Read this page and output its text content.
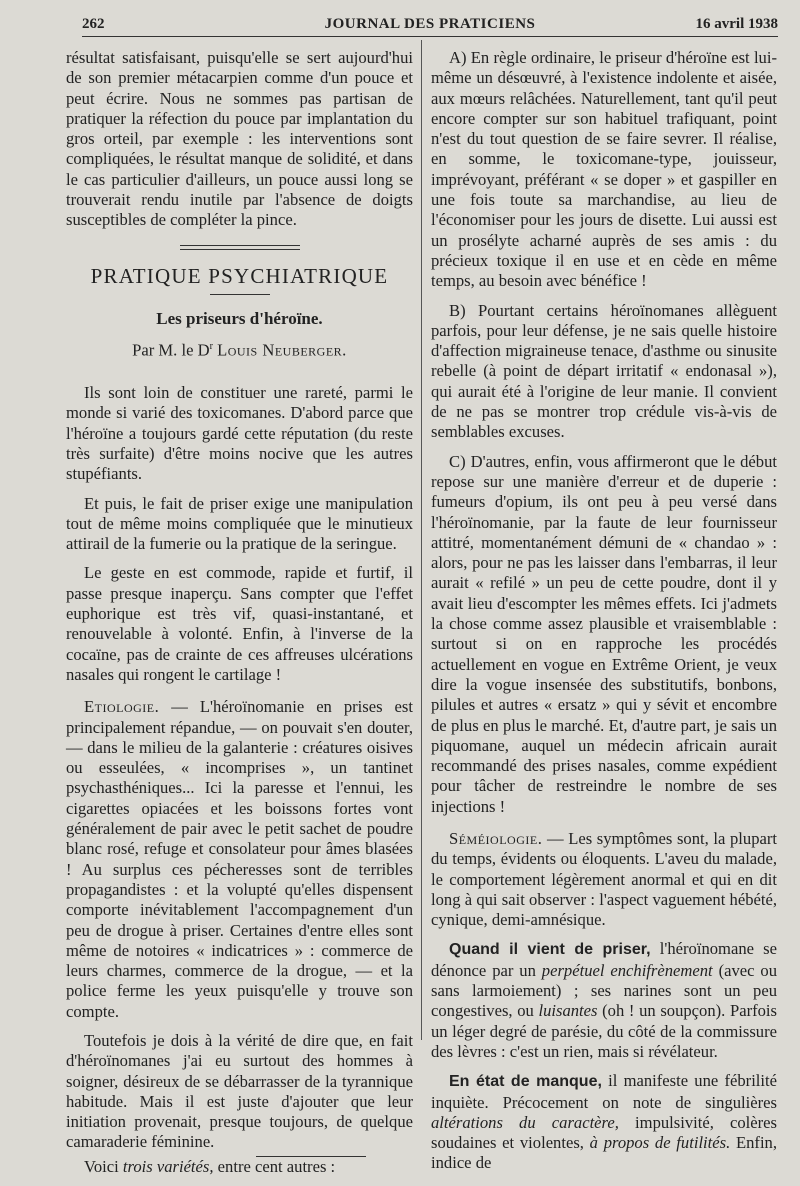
262	JOURNAL DES PRATICIENS	16 avril 1938

résultat satisfaisant, puisqu'elle se sert aujourd'hui de son premier métacarpien comme d'un pouce et peut écrire. Nous ne sommes pas partisan de pratiquer la réfection du pouce par implantation du gros orteil, par exemple : les interventions sont compliquées, le résultat manque de solidité, et dans le cas particulier d'ailleurs, un pouce aussi long se trouverait rendu inutile par l'absence de doigts susceptibles de compléter la pince.

PRATIQUE PSYCHIATRIQUE
Les priseurs d'héroïne.
Par M. le $D^r$ Louis Neuberger.

Ils sont loin de constituer une rareté, parmi le monde si varié des toxicomanes. D'abord parce que l'héroïne a toujours gardé cette réputation (du reste très surfaite) d'être moins nocive que les autres stupéfiants.

Et puis, le fait de priser exige une manipulation tout de même moins compliquée que le minutieux attirail de la fumerie ou la pratique de la seringue.

Le geste en est commode, rapide et furtif, il passe presque inaperçu. Sans compter que l'effet euphorique est très vif, quasi-instantané, et renouvelable à volonté. Enfin, à l'inverse de la cocaïne, pas de crainte de ces affreuses ulcérations nasales qui rongent le cartilage !

Etiologie. — L'héroïnomanie en prises est principalement répandue, — on pouvait s'en douter, — dans le milieu de la galanterie : créatures oisives ou esseulées, « incomprises », un tantinet psychasthéniques... Ici la paresse et l'ennui, les cigarettes opiacées et les boissons fortes vont généralement de pair avec le petit sachet de poudre blanc rosé, refuge et consolateur pour âmes blasées ! Au surplus ces pécheresses sont de terribles propagandistes : et la volupté qu'elles dispensent comporte inévitablement l'accompagnement d'un peu de drogue à priser. Certaines d'entre elles sont même de notoires « indicatrices » : commerce de leurs charmes, commerce de la drogue, — et la police ferme les yeux puisqu'elle y trouve son compte.

Toutefois je dois à la vérité de dire que, en fait d'héroïnomanes j'ai eu surtout des hommes à soigner, désireux de se débarrasser de la tyrannique habitude. Mais il est juste d'ajouter que leur initiation provenait, presque toujours, de quelque camaraderie féminine.

Voici trois variétés, entre cent autres :

A) En règle ordinaire, le priseur d'héroïne est lui-même un désœuvré, à l'existence indolente et aisée, aux mœurs relâchées. Naturellement, tant qu'il peut encore compter sur son habituel trafiquant, point n'est du tout question de se faire sevrer. Il réalise, en somme, le toxicomane-type, jouisseur, imprévoyant, préférant « se doper » et gaspiller en une fois toute sa marchandise, au lieu de l'économiser pour les jours de disette. Lui aussi est un prosélyte acharné auprès de ses amis : du précieux toxique il en use et en cède en même temps, au besoin avec bénéfice !

B) Pourtant certains héroïnomanes allèguent parfois, pour leur défense, je ne sais quelle histoire d'affection migraineuse tenace, d'asthme ou sinusite rebelle (à point de départ irritatif « endonasal »), qui aurait été à l'origine de leur manie. Il convient de ne pas se montrer trop crédule vis-à-vis de semblables excuses.

C) D'autres, enfin, vous affirmeront que le début repose sur une manière d'erreur et de duperie : fumeurs d'opium, ils ont peu à peu versé dans l'héroïnomanie, par la faute de leur fournisseur attitré, momentanément démuni de « chandao » : alors, pour ne pas les laisser dans l'embarras, il leur aurait « refilé » un peu de cette poudre, dont il y avait lieu d'escompter les mêmes effets. Ici j'admets la chose comme assez plausible et vraisemblable : surtout si on en rapproche les procédés actuellement en vogue en Extrême Orient, je veux dire la vogue insensée des substitutifs, bonbons, pilules et autres « ersatz » qui y sévit et encombre de plus en plus le marché. Et, d'autre part, je sais un piquomane, auquel un médecin africain aurait recommandé des prises nasales, comme expédient pour tâcher de restreindre le nombre de ses injections !

Séméiologie. — Les symptômes sont, la plupart du temps, évidents ou éloquents. L'aveu du malade, le comportement légèrement anormal et qui en dit long à qui sait observer : l'aspect vaguement hébété, cynique, demi-amnésique.

Quand il vient de priser, l'héroïnomane se dénonce par un perpétuel enchifrènement (avec ou sans larmoiement) ; ses narines sont un peu congestives, ou luisantes (oh ! un soupçon). Parfois un léger degré de parésie, du côté de la commissure des lèvres : c'est un rien, mais si révélateur.

En état de manque, il manifeste une fébrilité inquiète. Précocement on note de singulières altérations du caractère, impulsivité, colères soudaines et violentes, à propos de futilités. Enfin, indice de
